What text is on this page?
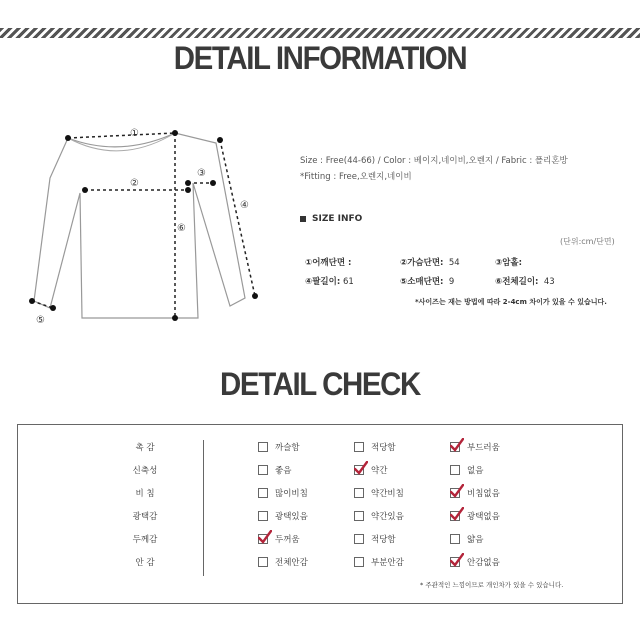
DETAIL INFORMATION
①
②
③
④
⑤
⑥
Size : Free(44-66) / Color : 베이지,네이비,오렌지 / Fabric : 폴리혼방
*Fitting : Free,오렌지,네이비
SIZE INFO
(단위:cm/단면)
①어깨단면 :	②가슴단면: 54	③암홀:
④팔길이: 61	⑤소매단면: 9	⑥전체길이: 43
*사이즈는 재는 방법에 따라 2-4cm 차이가 있을 수 있습니다.
DETAIL CHECK
촉 감	까슬함	적당함	부드러움
신축성	좋음	약간	없음
비 침	많이비침	약간비침	비침없음
광택감	광택있음	약간있음	광택없음
두께감	두꺼움	적당함	얇음
안 감	전체안감	부분안감	안감없음
* 주관적인 느낌이므로 개인차가 있을 수 있습니다.
